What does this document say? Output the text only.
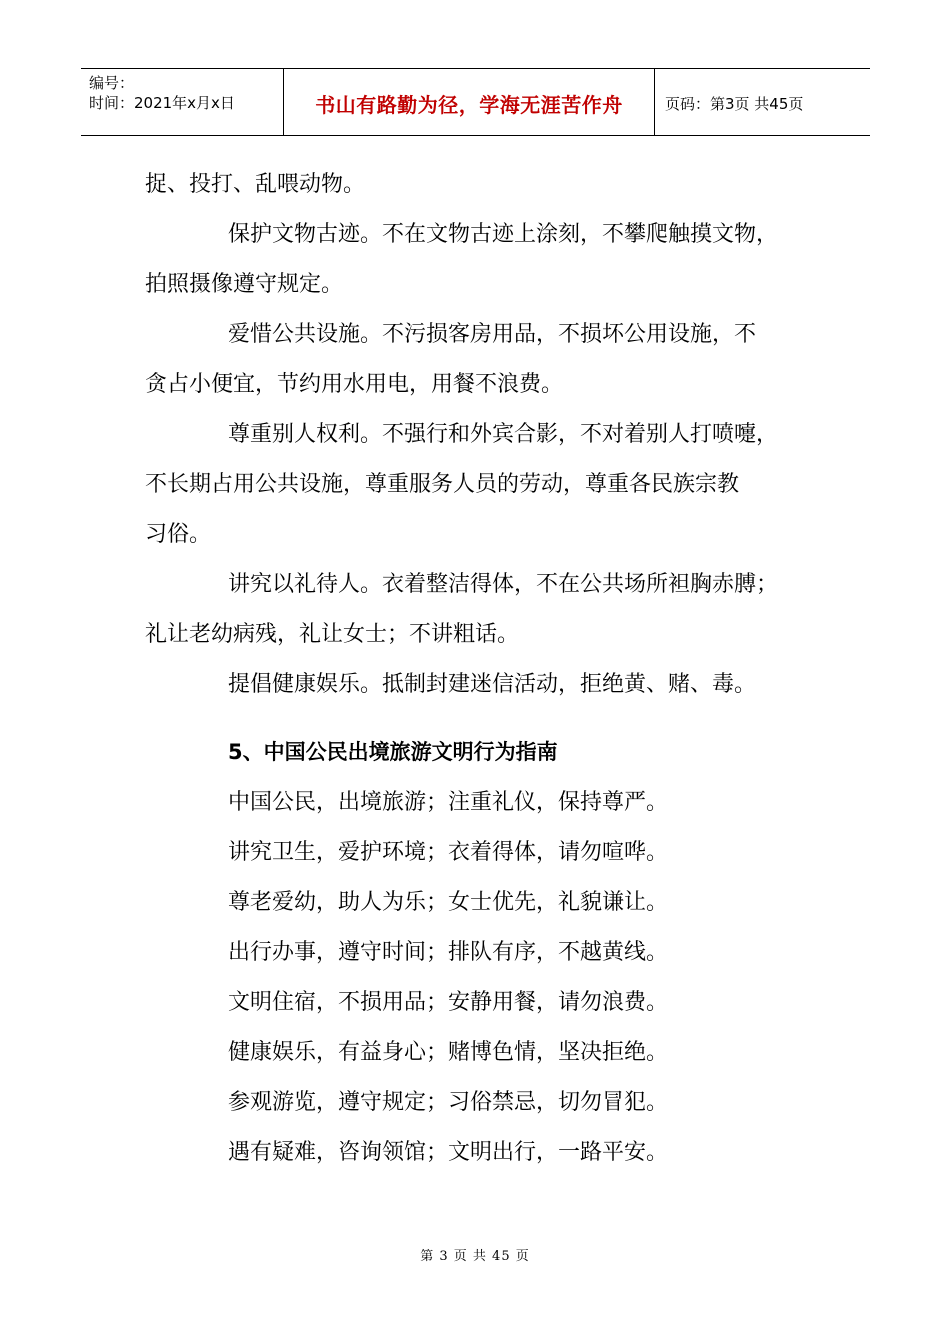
编号：
时间：2021年x月x日	书山有路勤为径，学海无涯苦作舟	页码：第3页 共45页
捉、投打、乱喂动物。
保护文物古迹。不在文物古迹上涂刻，不攀爬触摸文物，
拍照摄像遵守规定。
爱惜公共设施。不污损客房用品，不损坏公用设施，不
贪占小便宜，节约用水用电，用餐不浪费。
尊重别人权利。不强行和外宾合影，不对着别人打喷嚏，
不长期占用公共设施，尊重服务人员的劳动，尊重各民族宗教
习俗。
讲究以礼待人。衣着整洁得体，不在公共场所袒胸赤膊；
礼让老幼病残，礼让女士；不讲粗话。
提倡健康娱乐。抵制封建迷信活动，拒绝黄、赌、毒。
5、中国公民出境旅游文明行为指南
中国公民，出境旅游；注重礼仪，保持尊严。
讲究卫生，爱护环境；衣着得体，请勿喧哗。
尊老爱幼，助人为乐；女士优先，礼貌谦让。
出行办事，遵守时间；排队有序，不越黄线。
文明住宿，不损用品；安静用餐，请勿浪费。
健康娱乐，有益身心；赌博色情，坚决拒绝。
参观游览，遵守规定；习俗禁忌，切勿冒犯。
遇有疑难，咨询领馆；文明出行，一路平安。
第 3 页 共 45 页
